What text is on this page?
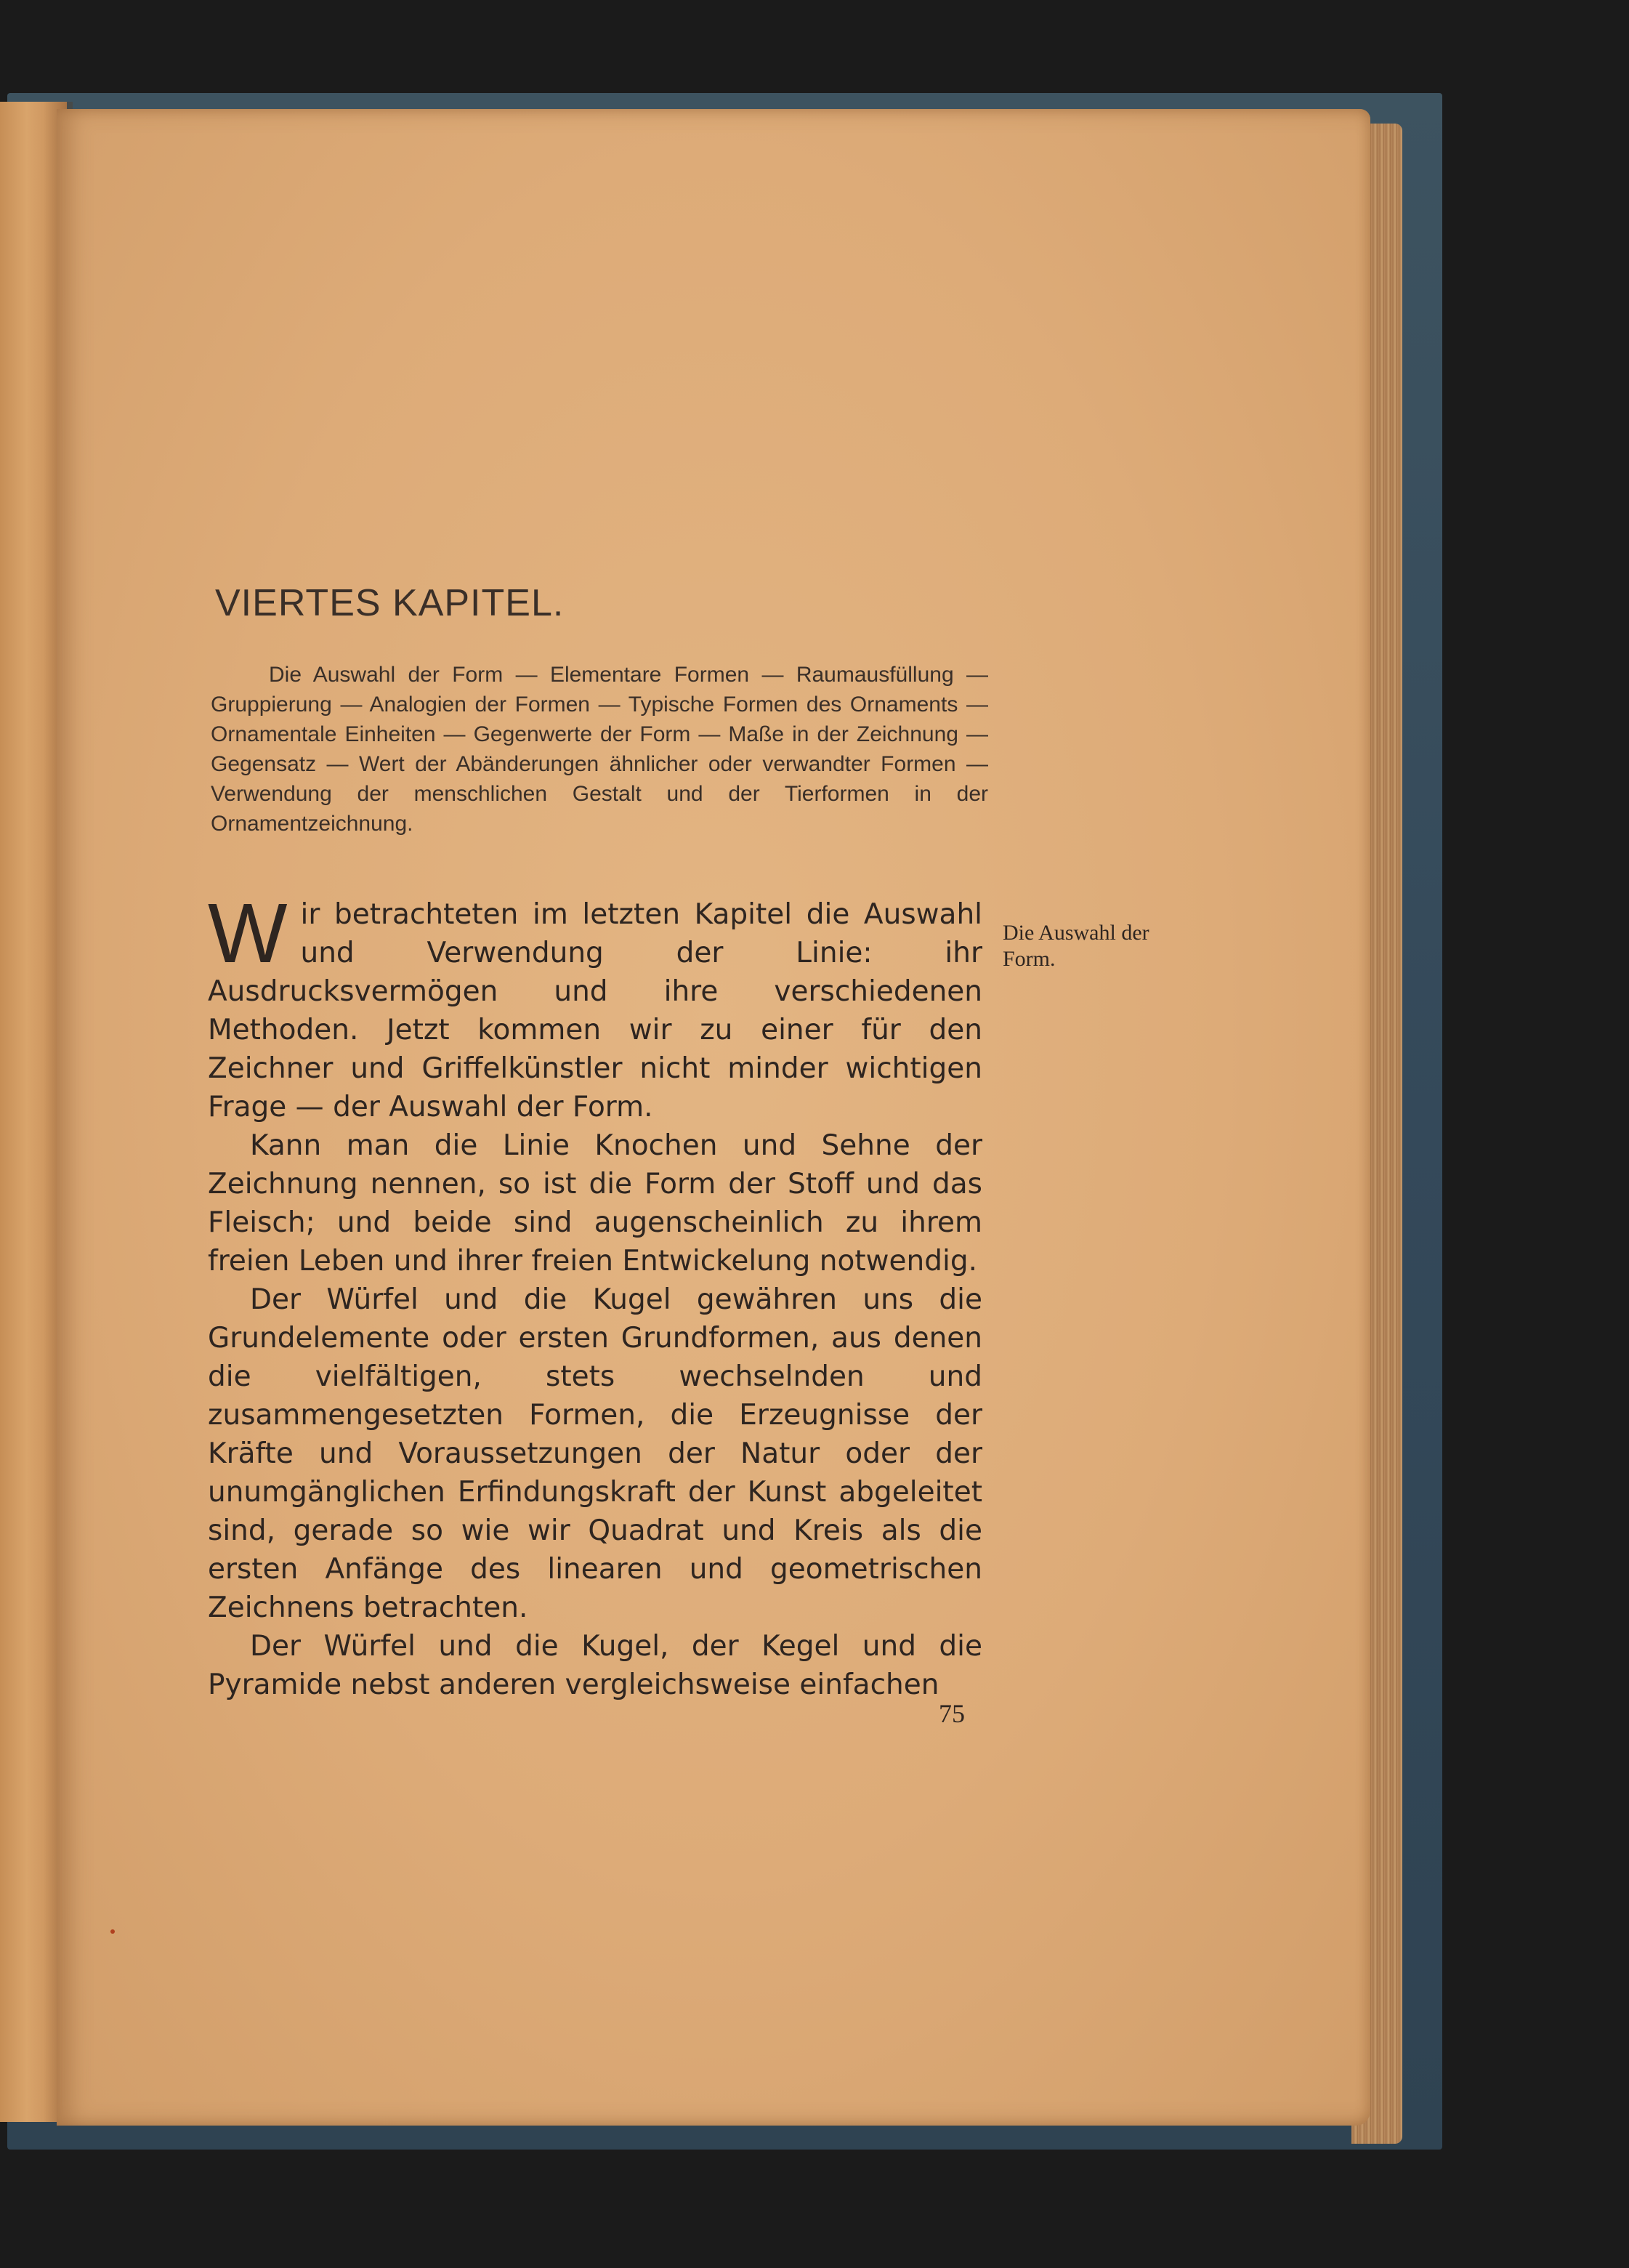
VIERTES KAPITEL.
Die Auswahl der Form — Elementare Formen — Raumausfüllung — Gruppierung — Analogien der Formen — Typische Formen des Ornaments — Ornamentale Einheiten — Gegenwerte der Form — Maße in der Zeichnung — Gegensatz — Wert der Abänderungen ähnlicher oder verwandter Formen — Verwendung der menschlichen Gestalt und der Tierformen in der Ornamentzeichnung.

Wir betrachteten im letzten Kapitel die Auswahl und Verwendung der Linie: ihr Ausdrucksvermögen und ihre verschiedenen Methoden. Jetzt kommen wir zu einer für den Zeichner und Griffelkünstler nicht minder wichtigen Frage — der Auswahl der Form.

Kann man die Linie Knochen und Sehne der Zeichnung nennen, so ist die Form der Stoff und das Fleisch; und beide sind augenscheinlich zu ihrem freien Leben und ihrer freien Entwickelung notwendig.

Der Würfel und die Kugel gewähren uns die Grundelemente oder ersten Grundformen, aus denen die vielfältigen, stets wechselnden und zusammengesetzten Formen, die Erzeugnisse der Kräfte und Voraussetzungen der Natur oder der unumgänglichen Erfindungskraft der Kunst abgeleitet sind, gerade so wie wir Quadrat und Kreis als die ersten Anfänge des linearen und geometrischen Zeichnens betrachten.

Der Würfel und die Kugel, der Kegel und die Pyramide nebst anderen vergleichsweise einfachen

Die Auswahl der Form.
75
